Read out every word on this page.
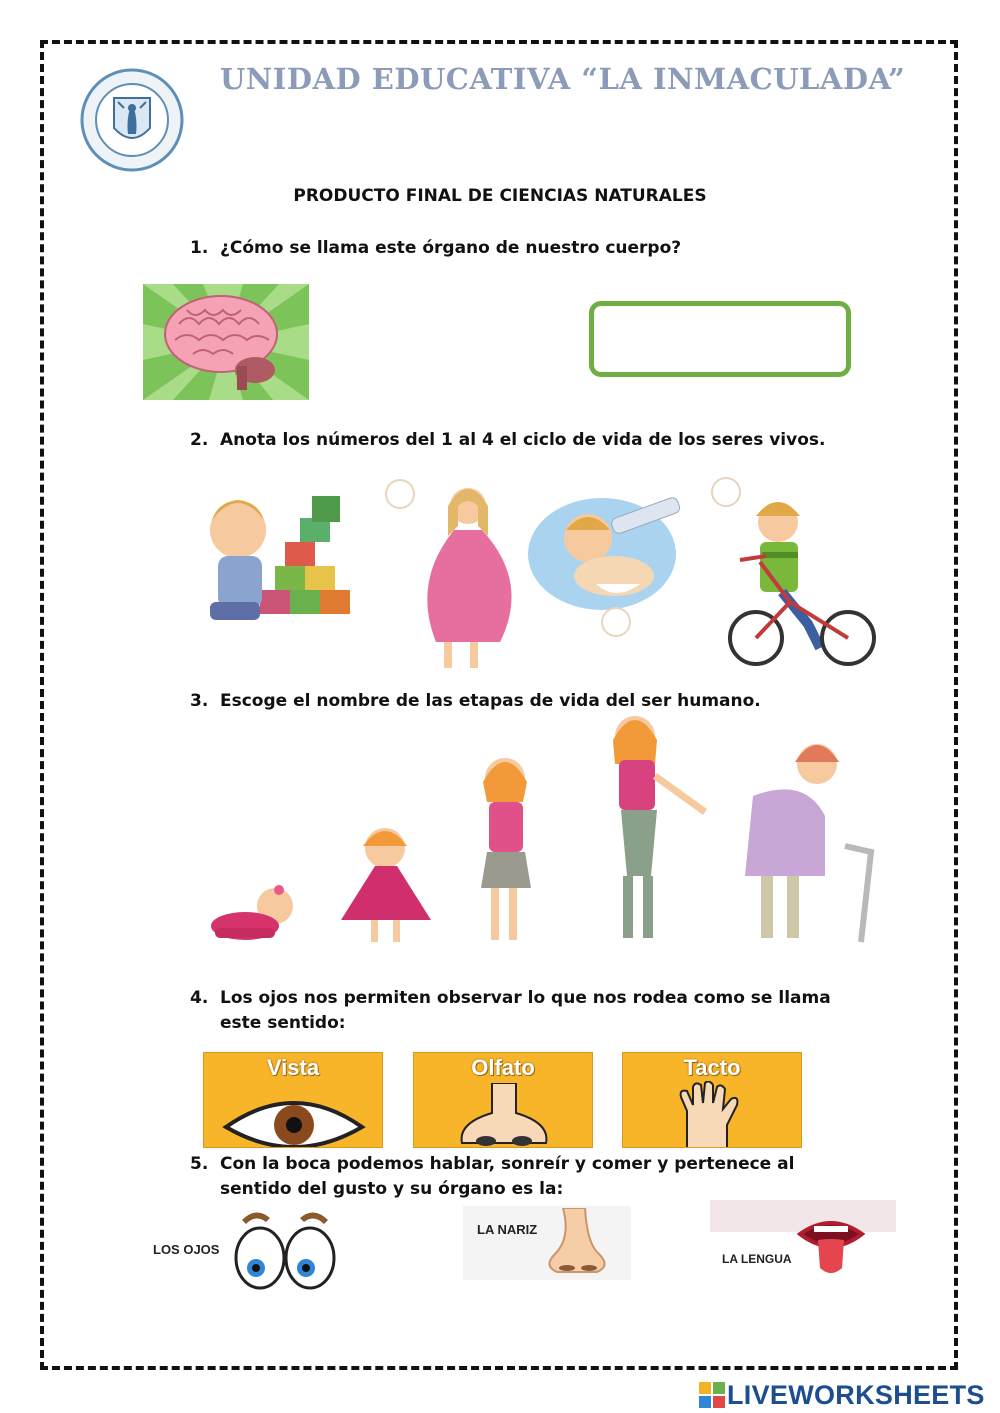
UNIDAD EDUCATIVA “LA INMACULADA”
PRODUCTO FINAL DE CIENCIAS NATURALES
1. ¿Cómo se llama este órgano de nuestro cuerpo?
2. Anota los números del 1 al 4 el ciclo de vida de los seres vivos.
3. Escoge el nombre de las etapas de vida del ser humano.
4. Los ojos nos permiten observar lo que nos rodea como se llama este sentido:
Vista	Olfato	Tacto
5. Con la boca podemos hablar, sonreír y comer y pertenece al sentido del gusto y su órgano es la:
LOS OJOS
LA NARIZ
LA LENGUA
LIVEWORKSHEETS
